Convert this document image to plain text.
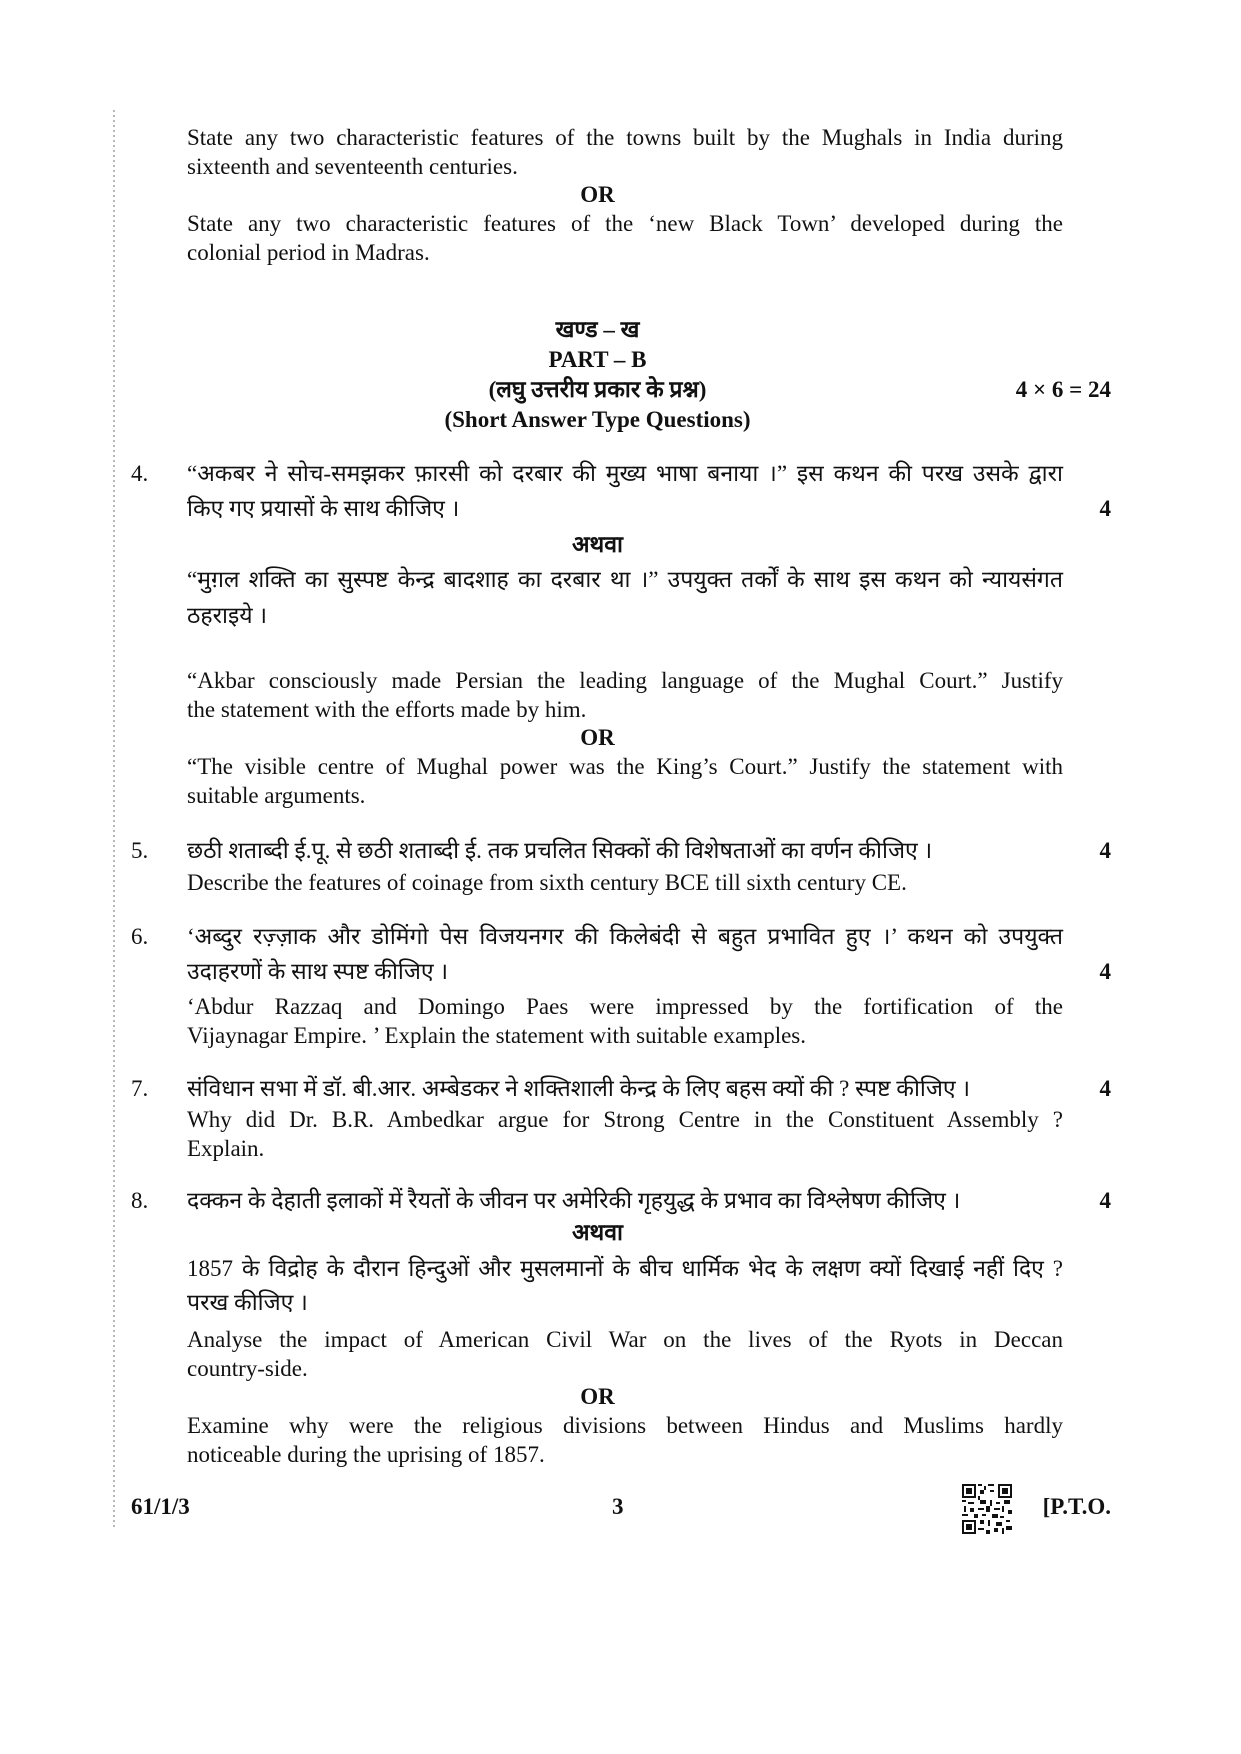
State any two characteristic features of the towns built by the Mughals in India during
sixteenth and seventeenth centuries.
OR
State any two characteristic features of the ‘new Black Town’ developed during the
colonial period in Madras.
खण्ड – ख
PART – B
(लघु उत्तरीय प्रकार के प्रश्न)	4 × 6 = 24
(Short Answer Type Questions)
4. “अकबर ने सोच-समझकर फ़ारसी को दरबार की मुख्य भाषा बनाया ।” इस कथन की परख उसके द्वारा
किए गए प्रयासों के साथ कीजिए ।	4
अथवा
“मुग़ल शक्ति का सुस्पष्ट केन्द्र बादशाह का दरबार था ।” उपयुक्त तर्कों के साथ इस कथन को न्यायसंगत
ठहराइये ।
“Akbar consciously made Persian the leading language of the Mughal Court.” Justify
the statement with the efforts made by him.
OR
“The visible centre of Mughal power was the King’s Court.” Justify the statement with
suitable arguments.
5. छठी शताब्दी ई.पू. से छठी शताब्दी ई. तक प्रचलित सिक्कों की विशेषताओं का वर्णन कीजिए ।	4
Describe the features of coinage from sixth century BCE till sixth century CE.
6. ‘अब्दुर रज़्ज़ाक और डोमिंगो पेस विजयनगर की किलेबंदी से बहुत प्रभावित हुए ।’ कथन को उपयुक्त
उदाहरणों के साथ स्पष्ट कीजिए ।	4
‘Abdur Razzaq and Domingo Paes were impressed by the fortification of the
Vijaynagar Empire. ’ Explain the statement with suitable examples.
7. संविधान सभा में डॉ. बी.आर. अम्बेडकर ने शक्तिशाली केन्द्र के लिए बहस क्यों की ? स्पष्ट कीजिए ।	4
Why did Dr. B.R. Ambedkar argue for Strong Centre in the Constituent Assembly ?
Explain.
8. दक्कन के देहाती इलाकों में रैयतों के जीवन पर अमेरिकी गृहयुद्ध के प्रभाव का विश्लेषण कीजिए ।	4
अथवा
1857 के विद्रोह के दौरान हिन्दुओं और मुसलमानों के बीच धार्मिक भेद के लक्षण क्यों दिखाई नहीं दिए ?
परख कीजिए ।
Analyse the impact of American Civil War on the lives of the Ryots in Deccan
country-side.
OR
Examine why were the religious divisions between Hindus and Muslims hardly
noticeable during the uprising of 1857.
61/1/3	3	[P.T.O.
